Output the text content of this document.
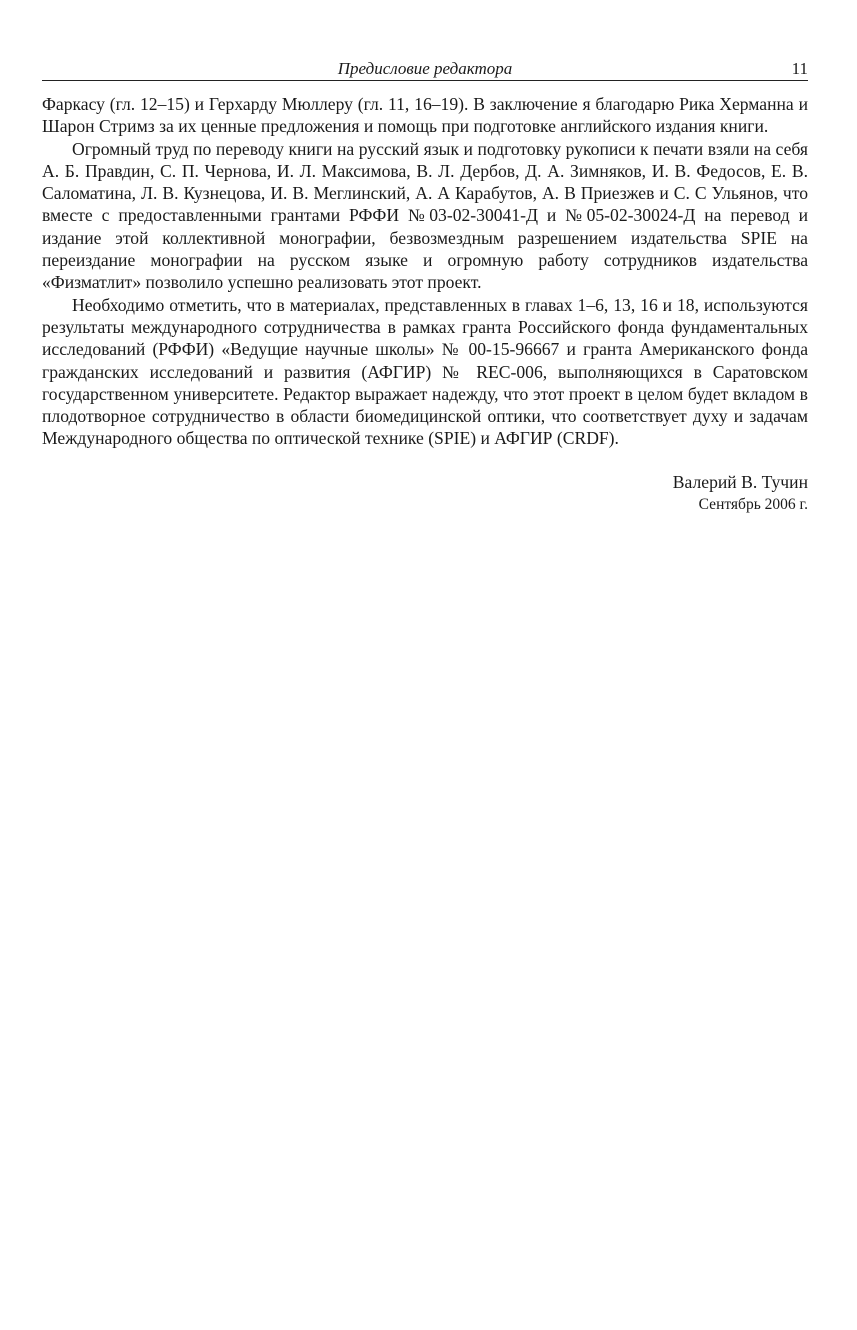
Предисловие редактора	11

Фаркасу (гл. 12–15) и Герхарду Мюллеру (гл. 11, 16–19). В заключение я благодарю Рика Херманна и Шарон Стримз за их ценные предложения и помощь при подготовке английского издания книги.

Огромный труд по переводу книги на русский язык и подготовку рукописи к печати взяли на себя А. Б. Правдин, С. П. Чернова, И. Л. Максимова, В. Л. Дербов, Д. А. Зимняков, И. В. Федосов, Е. В. Саломатина, Л. В. Кузнецова, И. В. Меглинский, А. А Карабутов, А. В Приезжев и С. С Ульянов, что вместе с предоставленными грантами РФФИ №03-02-30041-Д и №05-02-30024-Д на перевод и издание этой коллективной монографии, безвозмездным разрешением издательства SPIE на переиздание монографии на русском языке и огромную работу сотрудников издательства «Физматлит» позволило успешно реализовать этот проект.

Необходимо отметить, что в материалах, представленных в главах 1–6, 13, 16 и 18, используются результаты международного сотрудничества в рамках гранта Российского фонда фундаментальных исследований (РФФИ) «Ведущие научные школы» № 00-15-96667 и гранта Американского фонда гражданских исследований и развития (АФГИР) № REC-006, выполняющихся в Саратовском государственном университете. Редактор выражает надежду, что этот проект в целом будет вкладом в плодотворное сотрудничество в области биомедицинской оптики, что соответствует духу и задачам Международного общества по оптической технике (SPIE) и АФГИР (CRDF).

Валерий В. Тучин
Сентябрь 2006 г.
